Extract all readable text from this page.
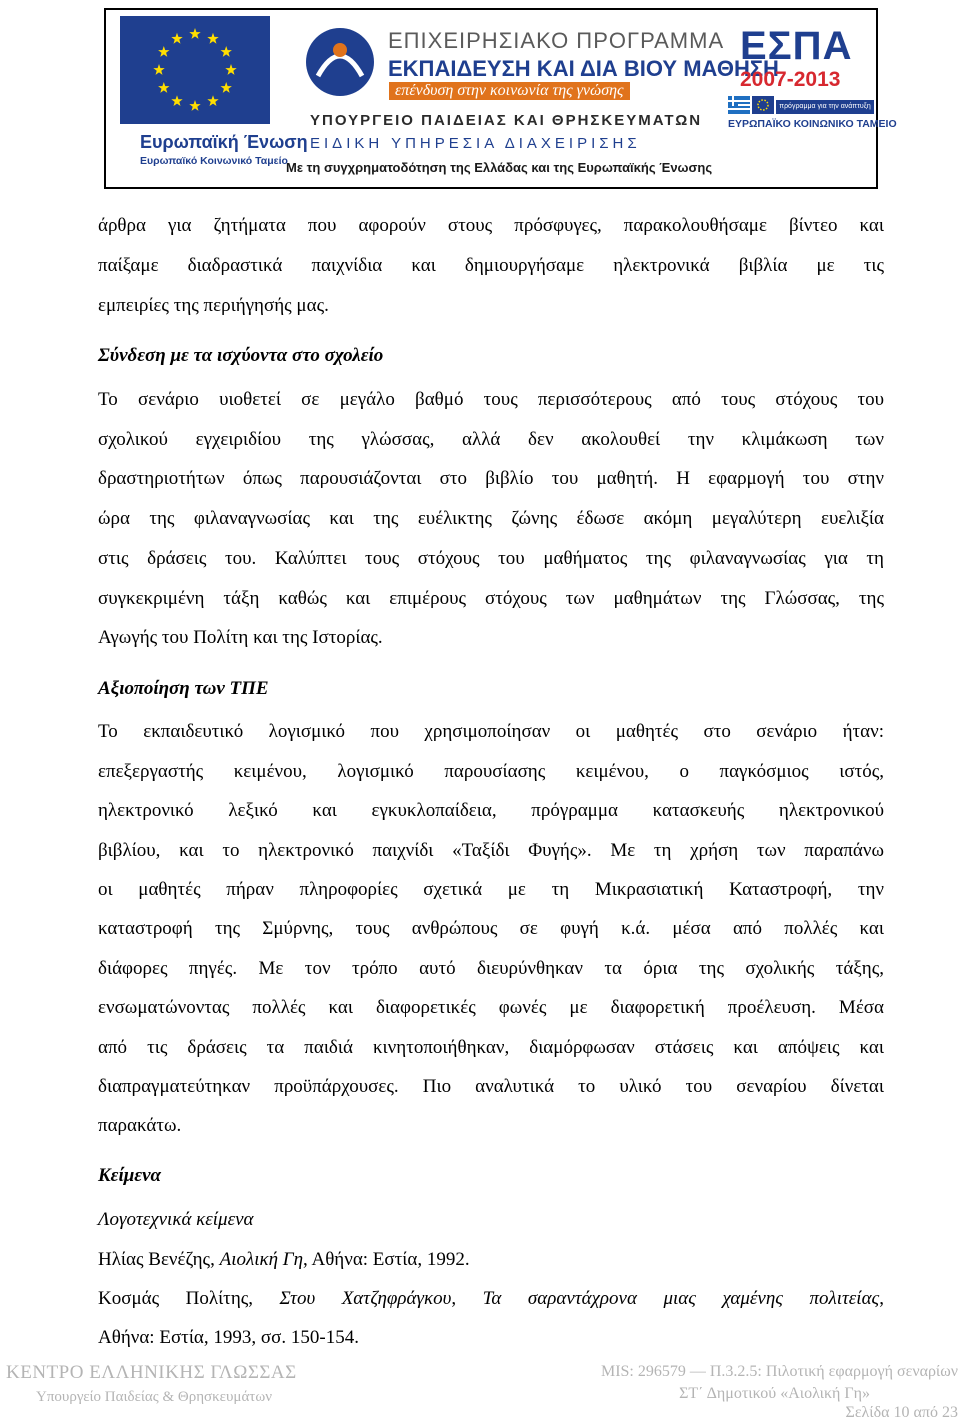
Ευρωπαϊκή Ένωση
Ευρωπαϊκό Κοινωνικό Ταμείο
ΕΠΙΧΕΙΡΗΣΙΑΚΟ ΠΡΟΓΡΑΜΜΑ
ΕΚΠΑΙΔΕΥΣΗ ΚΑΙ ΔΙΑ ΒΙΟΥ ΜΑΘΗΣΗ
επένδυση στην κοινωνία της γνώσης
ΥΠΟΥΡΓΕΙΟ ΠΑΙΔΕΙΑΣ ΚΑΙ ΘΡΗΣΚΕΥΜΑΤΩΝ
ΕΙΔΙΚΗ ΥΠΗΡΕΣΙΑ ΔΙΑΧΕΙΡΙΣΗΣ
Με τη συγχρηματοδότηση της Ελλάδας και της Ευρωπαϊκής Ένωσης
ΕΣΠΑ
2007-2013
πρόγραμμα για την ανάπτυξη
ΕΥΡΩΠΑΪΚΟ ΚΟΙΝΩΝΙΚΟ ΤΑΜΕΙΟ
άρθρα για ζητήματα που αφορούν στους πρόσφυγες, παρακολουθήσαμε βίντεο και
παίξαμε διαδραστικά παιχνίδια και δημιουργήσαμε ηλεκτρονικά βιβλία με τις
εμπειρίες της περιήγησής μας.
Σύνδεση με τα ισχύοντα στο σχολείο
Το σενάριο υιοθετεί σε μεγάλο βαθμό τους περισσότερους από τους στόχους του
σχολικού εγχειριδίου της γλώσσας, αλλά δεν ακολουθεί την κλιμάκωση των
δραστηριοτήτων όπως παρουσιάζονται στο βιβλίο του μαθητή. Η εφαρμογή του στην
ώρα της φιλαναγνωσίας και της ευέλικτης ζώνης έδωσε ακόμη μεγαλύτερη ευελιξία
στις δράσεις του. Καλύπτει τους στόχους του μαθήματος της φιλαναγνωσίας για τη
συγκεκριμένη τάξη καθώς και επιμέρους στόχους των μαθημάτων της Γλώσσας, της
Αγωγής του Πολίτη και της Ιστορίας.
Αξιοποίηση των ΤΠΕ
Το εκπαιδευτικό λογισμικό που χρησιμοποίησαν οι μαθητές στο σενάριο ήταν:
επεξεργαστής κειμένου, λογισμικό παρουσίασης κειμένου, ο παγκόσμιος ιστός,
ηλεκτρονικό λεξικό και εγκυκλοπαίδεια, πρόγραμμα κατασκευής ηλεκτρονικού
βιβλίου, και το ηλεκτρονικό παιχνίδι «Ταξίδι Φυγής». Με τη χρήση των παραπάνω
οι μαθητές πήραν πληροφορίες σχετικά με τη Μικρασιατική Καταστροφή, την
καταστροφή της Σμύρνης, τους ανθρώπους σε φυγή κ.ά. μέσα από πολλές και
διάφορες πηγές. Με τον τρόπο αυτό διευρύνθηκαν τα όρια της σχολικής τάξης,
ενσωματώνοντας πολλές και διαφορετικές φωνές με διαφορετική προέλευση. Μέσα
από τις δράσεις τα παιδιά κινητοποιήθηκαν, διαμόρφωσαν στάσεις και απόψεις και
διαπραγματεύτηκαν προϋπάρχουσες. Πιο αναλυτικά το υλικό του σεναρίου δίνεται
παρακάτω.
Κείμενα
Λογοτεχνικά κείμενα
Ηλίας Βενέζης, Αιολική Γη, Αθήνα: Εστία, 1992.
Κοσμάς Πολίτης, Στου Χατζηφράγκου, Τα σαραντάχρονα μιας χαμένης πολιτείας,
Αθήνα: Εστία, 1993, σσ. 150-154.
ΚΕΝΤΡΟ ΕΛΛΗΝΙΚΗΣ ΓΛΩΣΣΑΣ
Υπουργείο Παιδείας & Θρησκευμάτων
MIS: 296579 — Π.3.2.5: Πιλοτική εφαρμογή σεναρίων
ΣΤ΄ Δημοτικού «Αιολική Γη»
Σελίδα 10 από 23
